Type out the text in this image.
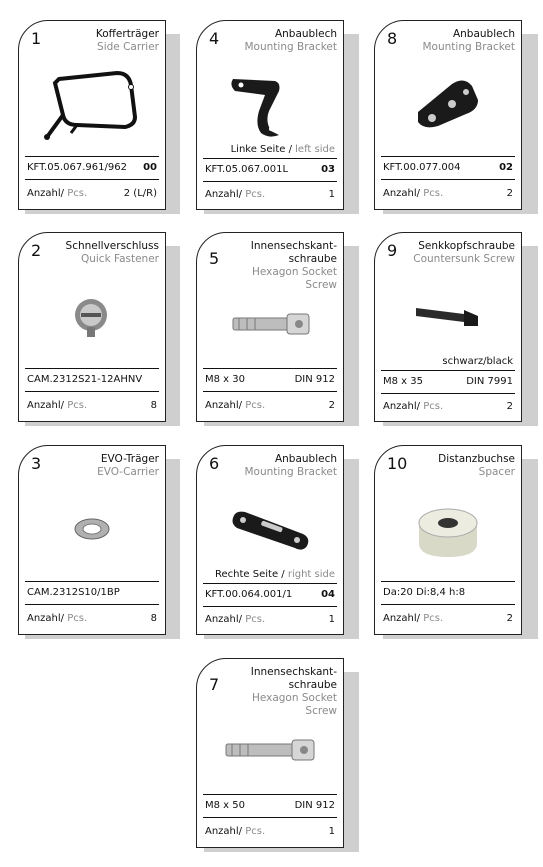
1	Kofferträger
Side Carrier
KFT.05.067.961/962 00
Anzahl/ Pcs.	2 (L/R)
4	Anbaublech
Mounting Bracket
Linke Seite / left side
KFT.05.067.001L	03
Anzahl/ Pcs.	1
8	Anbaublech
Mounting Bracket
KFT.00.077.004	02
Anzahl/ Pcs.	2
2 Schnellverschluss
Quick Fastener
CAM.2312S21-12AHNV
Anzahl/ Pcs.	8
5
Innensechskant-schraube
Hexagon Socket Screw
M8 x 30	DIN 912
Anzahl/ Pcs.	2
9	Senkkopfschraube
Countersunk Screw
schwarz/black
M8 x 35	DIN 7991
Anzahl/ Pcs.	2
3	EVO-Träger
EVO-Carrier
CAM.2312S10/1BP
Anzahl/ Pcs.	8
6	Anbaublech
Mounting Bracket
Rechte Seite / right side
KFT.00.064.001/1	04
Anzahl/ Pcs.	1
10	Distanzbuchse
Spacer
Da:20 Di:8,4 h:8
Anzahl/ Pcs.	2
7
Innensechskant-schraube
Hexagon Socket Screw
M8 x 50	DIN 912
Anzahl/ Pcs.	1
